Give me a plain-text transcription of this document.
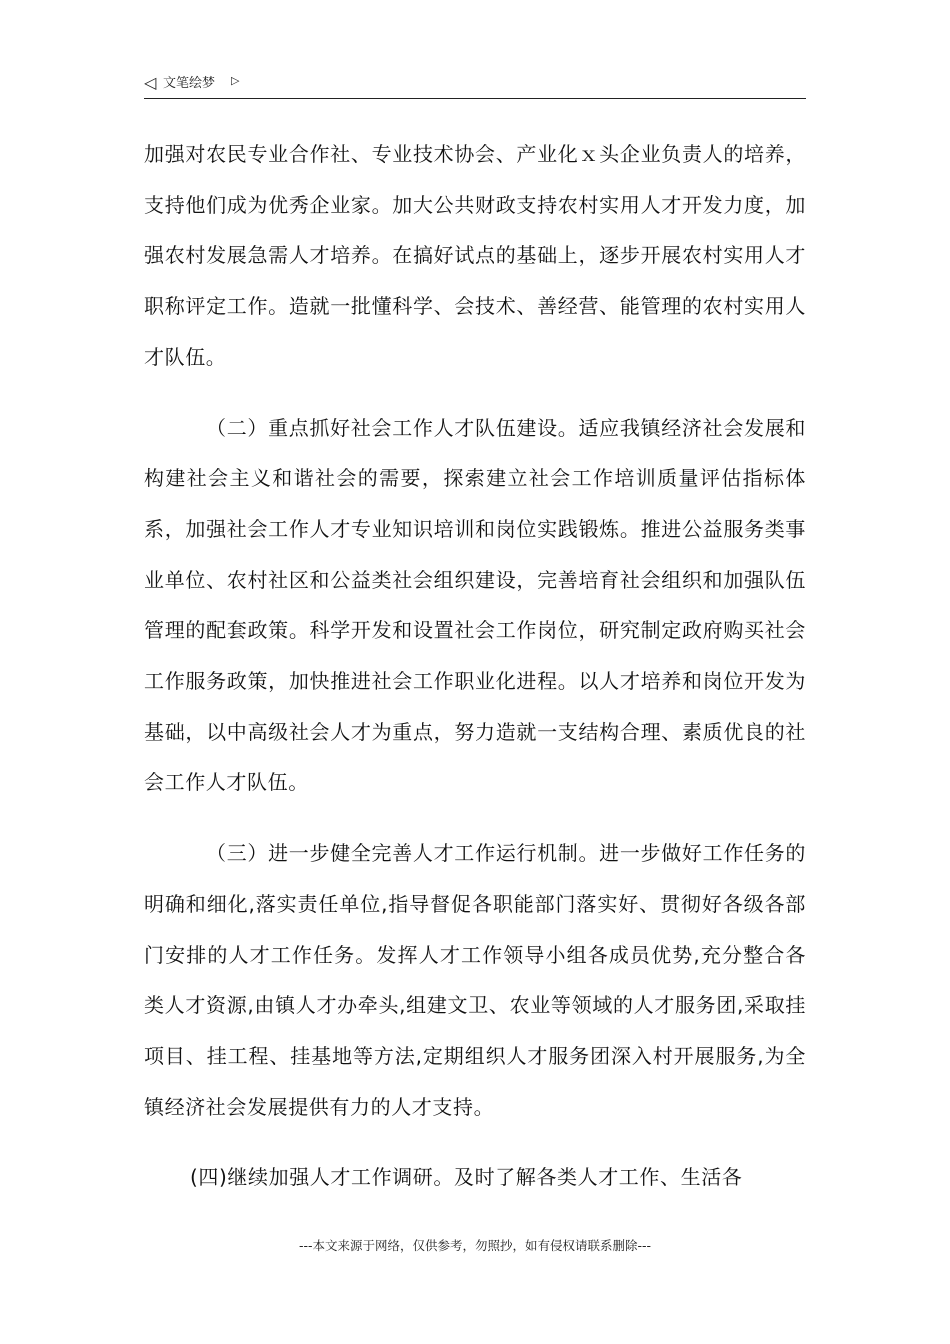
◁ 文笔绘梦 ▷

加强对农民专业合作社、专业技术协会、产业化ｘ头企业负责人的培养，支持他们成为优秀企业家。加大公共财政支持农村实用人才开发力度，加强农村发展急需人才培养。在搞好试点的基础上，逐步开展农村实用人才职称评定工作。造就一批懂科学、会技术、善经营、能管理的农村实用人才队伍。

（二）重点抓好社会工作人才队伍建设。适应我镇经济社会发展和构建社会主义和谐社会的需要，探索建立社会工作培训质量评估指标体系，加强社会工作人才专业知识培训和岗位实践锻炼。推进公益服务类事业单位、农村社区和公益类社会组织建设，完善培育社会组织和加强队伍管理的配套政策。科学开发和设置社会工作岗位，研究制定政府购买社会工作服务政策，加快推进社会工作职业化进程。以人才培养和岗位开发为基础，以中高级社会人才为重点，努力造就一支结构合理、素质优良的社会工作人才队伍。

（三）进一步健全完善人才工作运行机制。进一步做好工作任务的明确和细化,落实责任单位,指导督促各职能部门落实好、贯彻好各级各部门安排的人才工作任务。发挥人才工作领导小组各成员优势,充分整合各类人才资源,由镇人才办牵头,组建文卫、农业等领域的人才服务团,采取挂项目、挂工程、挂基地等方法,定期组织人才服务团深入村开展服务,为全镇经济社会发展提供有力的人才支持。

(四)继续加强人才工作调研。及时了解各类人才工作、生活各

---本文来源于网络，仅供参考，勿照抄，如有侵权请联系删除---
